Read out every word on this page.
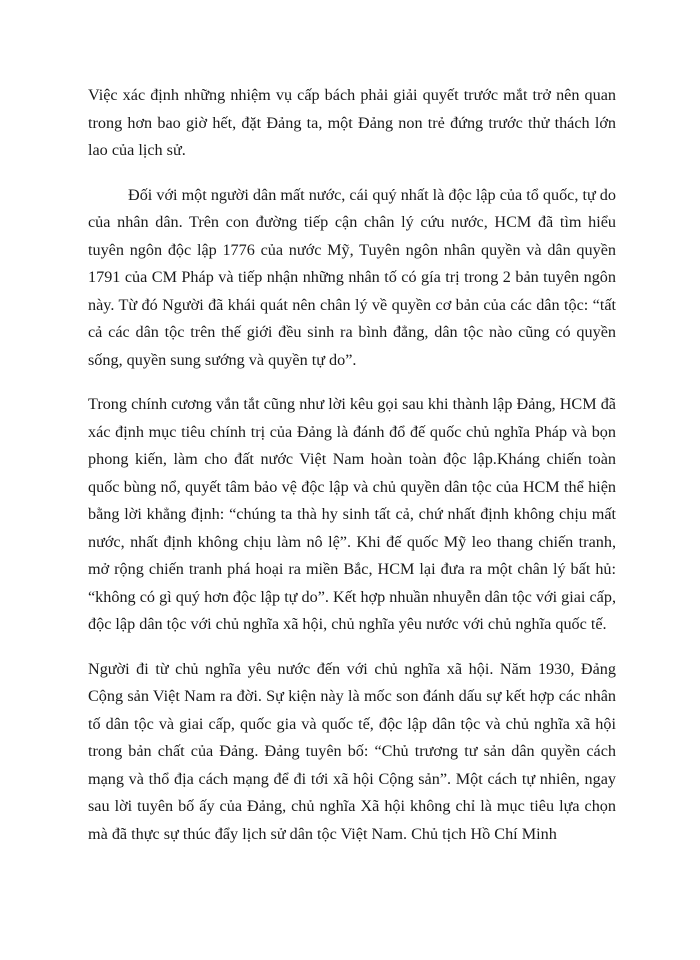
Việc xác định những nhiệm vụ cấp bách phải giải quyết trước mắt trở nên quan trong hơn bao giờ hết, đặt Đảng ta, một Đảng non trẻ đứng trước thử thách lớn lao của lịch sử.

Đối với một người dân mất nước, cái quý nhất là độc lập của tổ quốc, tự do của nhân dân. Trên con đường tiếp cận chân lý cứu nước, HCM đã tìm hiểu tuyên ngôn độc lập 1776 của nước Mỹ, Tuyên ngôn nhân quyền và dân quyền 1791 của CM Pháp và tiếp nhận những nhân tố có gía trị trong 2 bản tuyên ngôn này. Từ đó Người đã khái quát nên chân lý về quyền cơ bản của các dân tộc: “tất cả các dân tộc trên thế giới đều sinh ra bình đẳng, dân tộc nào cũng có quyền sống, quyền sung sướng và quyền tự do”.

Trong chính cương vắn tắt cũng như lời kêu gọi sau khi thành lập Đảng, HCM đã xác định mục tiêu chính trị của Đảng là đánh đổ đế quốc chủ nghĩa Pháp và bọn phong kiến, làm cho đất nước Việt Nam hoàn toàn độc lập.Kháng chiến toàn quốc bùng nổ, quyết tâm bảo vệ độc lập và chủ quyền dân tộc của HCM thể hiện bằng lời khẳng định: “chúng ta thà hy sinh tất cả, chứ nhất định không chịu mất nước, nhất định không chịu làm nô lệ”. Khi đế quốc Mỹ leo thang chiến tranh, mở rộng chiến tranh phá hoại ra miền Bắc, HCM lại đưa ra một chân lý bất hủ: “không có gì quý hơn độc lập tự do”. Kết hợp nhuần nhuyễn dân tộc với giai cấp, độc lập dân tộc với chủ nghĩa xã hội, chủ nghĩa yêu nước với chủ nghĩa quốc tế.

Người đi từ chủ nghĩa yêu nước đến với chủ nghĩa xã hội. Năm 1930, Đảng Cộng sản Việt Nam ra đời. Sự kiện này là mốc son đánh dấu sự kết hợp các nhân tố dân tộc và giai cấp, quốc gia và quốc tế, độc lập dân tộc và chủ nghĩa xã hội trong bản chất của Đảng. Đảng tuyên bố: “Chủ trương tư sản dân quyền cách mạng và thổ địa cách mạng để đi tới xã hội Cộng sản”. Một cách tự nhiên, ngay sau lời tuyên bố ấy của Đảng, chủ nghĩa Xã hội không chỉ là mục tiêu lựa chọn mà đã thực sự thúc đẩy lịch sử dân tộc Việt Nam. Chủ tịch Hồ Chí Minh
